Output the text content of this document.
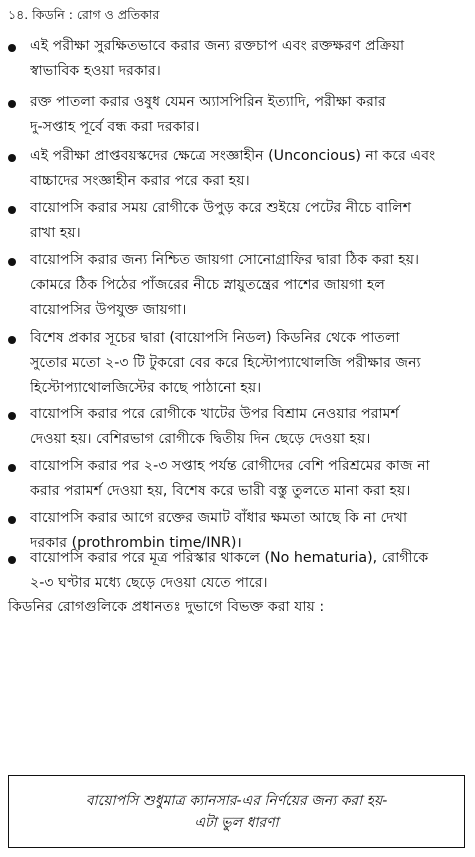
১৪. কিডনি : রোগ ও প্রতিকার
এই পরীক্ষা সুরক্ষিতভাবে করার জন্য রক্তচাপ এবং রক্তক্ষরণ প্রক্রিয়া
স্বাভাবিক হওয়া দরকার।
রক্ত পাতলা করার ওষুধ যেমন অ্যাসপিরিন ইত্যাদি, পরীক্ষা করার
দু-সপ্তাহ পূর্বে বন্ধ করা দরকার।
এই পরীক্ষা প্রাপ্তবয়স্কদের ক্ষেত্রে সংজ্ঞাহীন (Unconcious) না করে এবং
বাচ্চাদের সংজ্ঞাহীন করার পরে করা হয়।
বায়োপসি করার সময় রোগীকে উপুড় করে শুইয়ে পেটের নীচে বালিশ
রাখা হয়।
বায়োপসি করার জন্য নিশ্চিত জায়গা সোনোগ্রাফির দ্বারা ঠিক করা হয়।
কোমরে ঠিক পিঠের পাঁজরের নীচে স্নায়ুতন্ত্রের পাশের জায়গা হল
বায়োপসির উপযুক্ত জায়গা।
বিশেষ প্রকার সূচের দ্বারা (বায়োপসি নিডল) কিডনির থেকে পাতলা
সুতোর মতো ২-৩ টি টুকরো বের করে হিস্টোপ্যাথোলজি পরীক্ষার জন্য
হিস্টোপ্যাথোলজিস্টের কাছে পাঠানো হয়।
বায়োপসি করার পরে রোগীকে খাটের উপর বিশ্রাম নেওয়ার পরামর্শ
দেওয়া হয়। বেশিরভাগ রোগীকে দ্বিতীয় দিন ছেড়ে দেওয়া হয়।
বায়োপসি করার পর ২-৩ সপ্তাহ পর্যন্ত রোগীদের বেশি পরিশ্রমের কাজ না
করার পরামর্শ দেওয়া হয়, বিশেষ করে ভারী বস্তু তুলতে মানা করা হয়।
বায়োপসি করার আগে রক্তের জমাট বাঁধার ক্ষমতা আছে কি না দেখা
দরকার (prothrombin time/INR)।
বায়োপসি করার পরে মূত্র পরিস্কার থাকলে (No hematuria), রোগীকে
২-৩ ঘণ্টার মধ্যে ছেড়ে দেওয়া যেতে পারে।
কিডনির রোগগুলিকে প্রধানতঃ দুভাগে বিভক্ত করা যায় :
বায়োপসি শুধুমাত্র ক্যানসার-এর নির্ণয়ের জন্য করা হয়-
এটা ভুল ধারণা
